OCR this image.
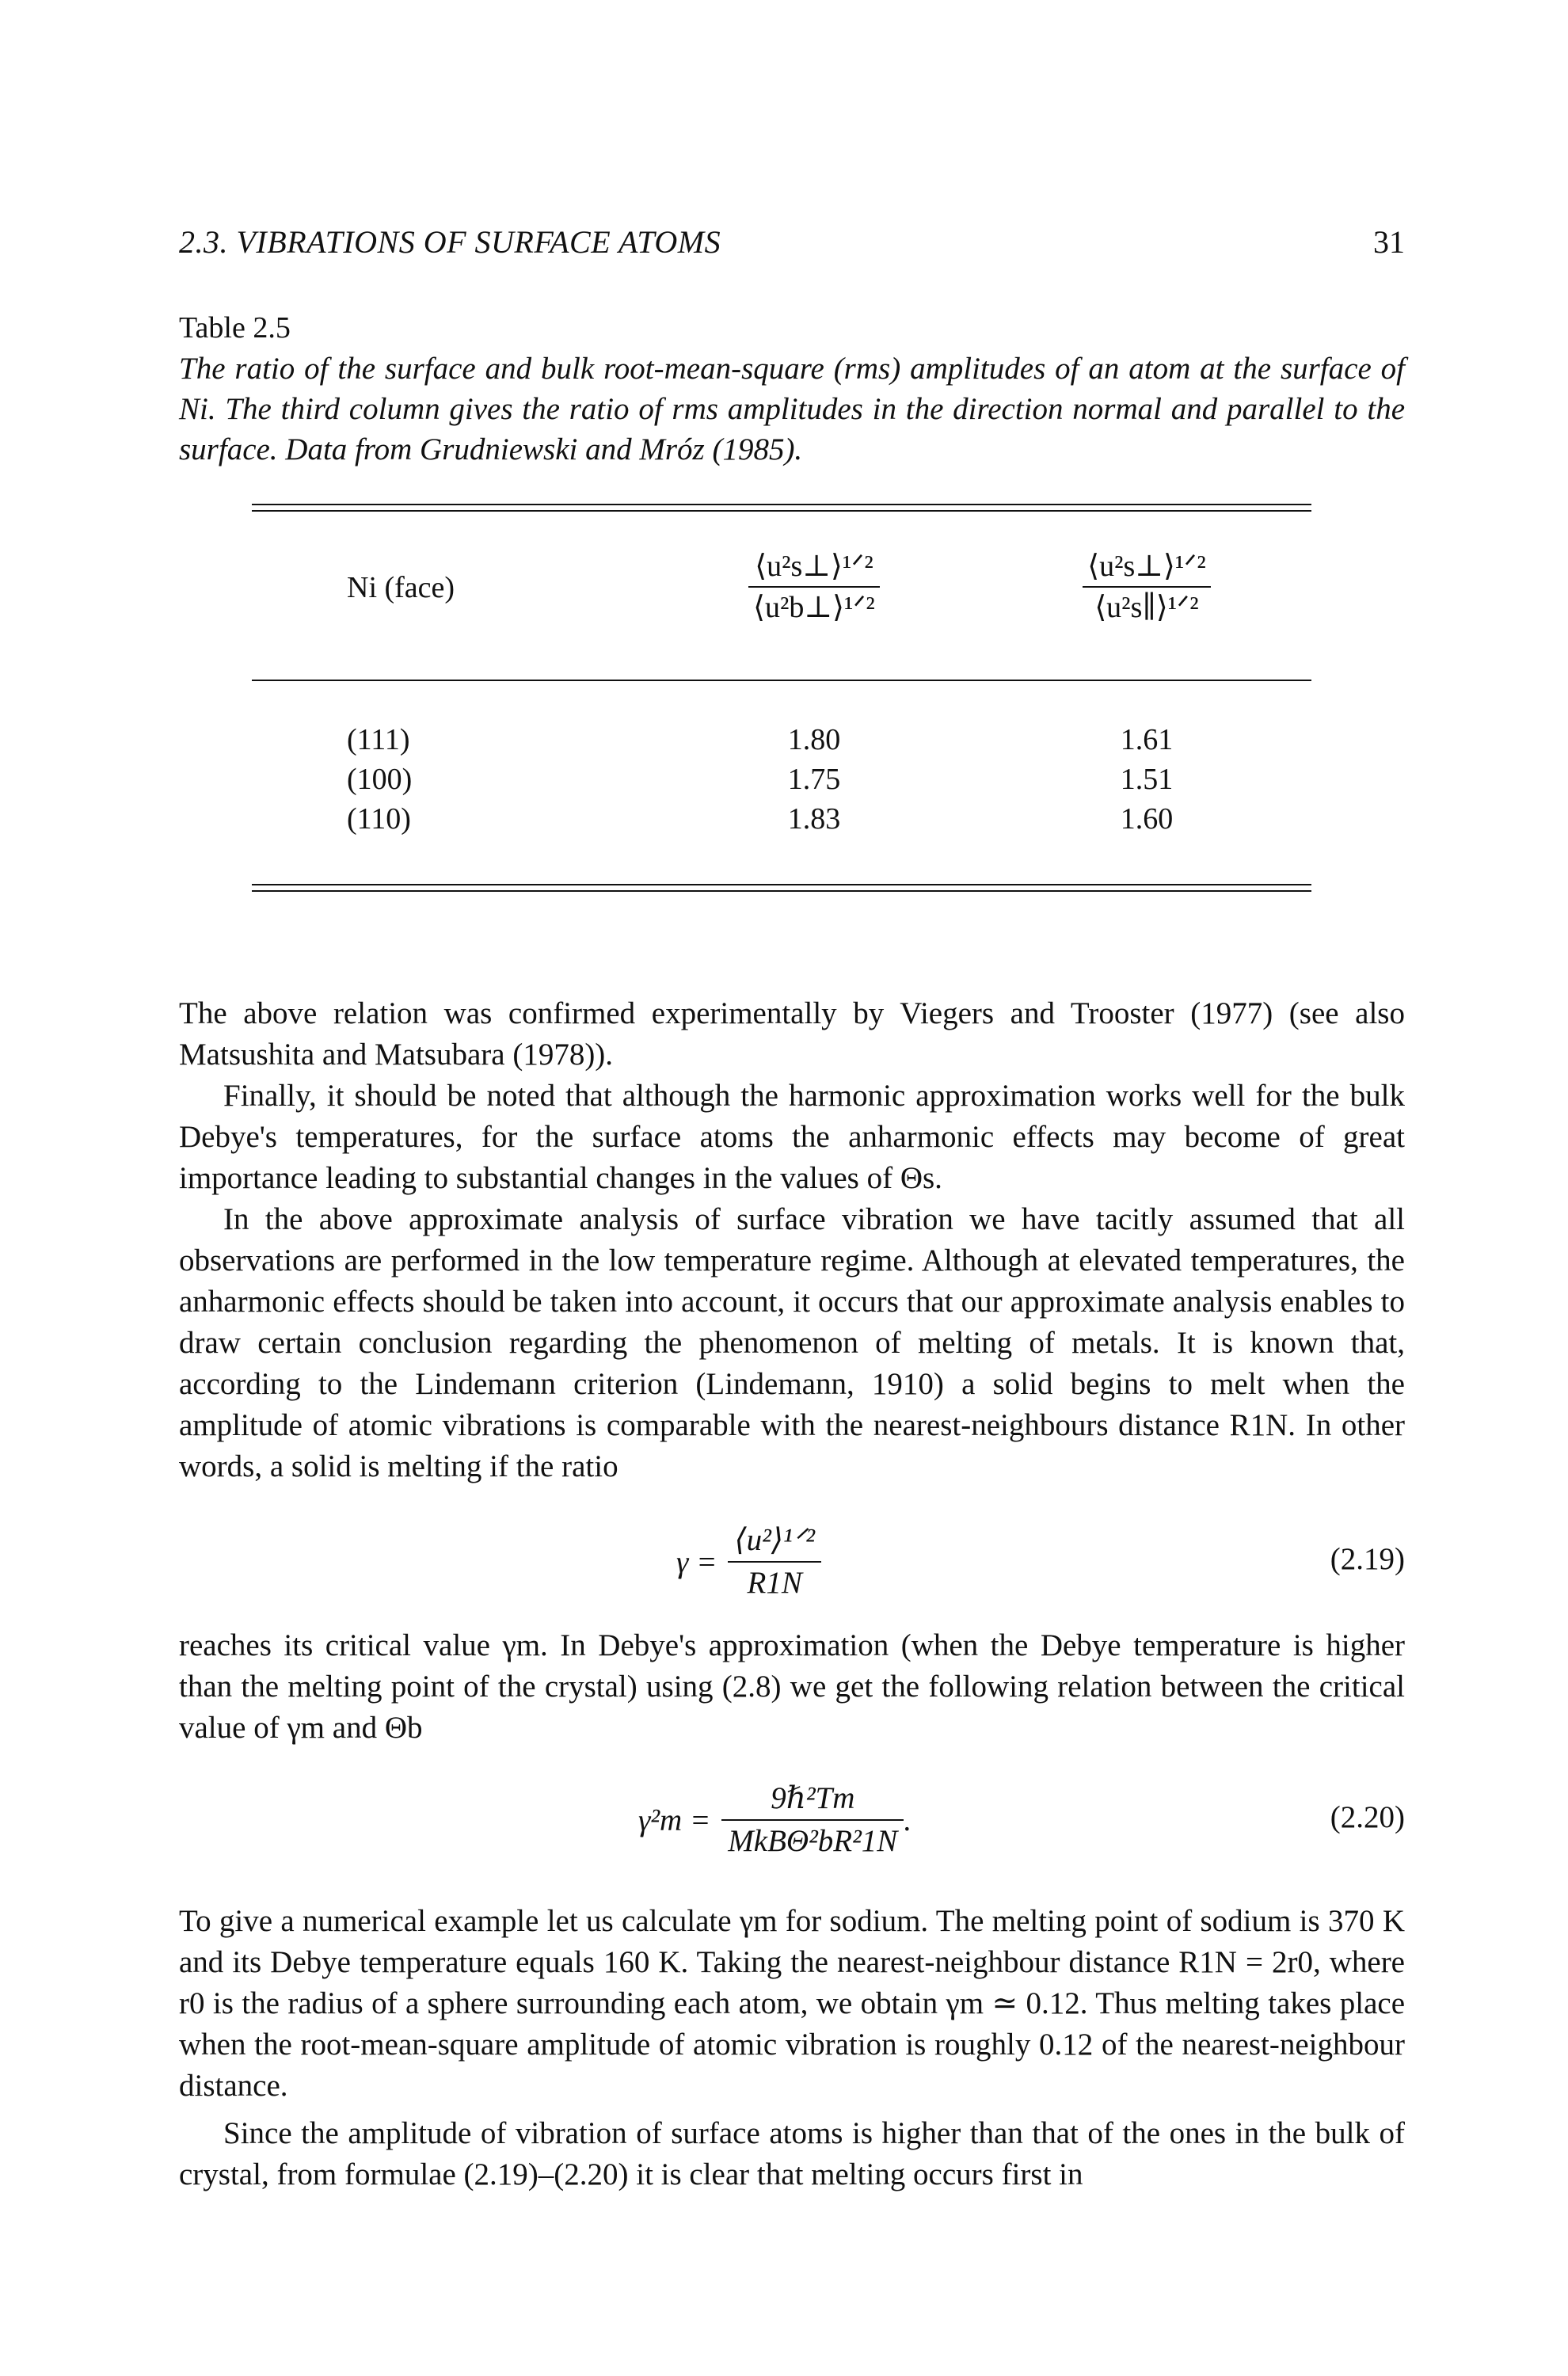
2.3. VIBRATIONS OF SURFACE ATOMS	31
Table 2.5
The ratio of the surface and bulk root-mean-square (rms) amplitudes of an atom at the surface of Ni. The third column gives the ratio of rms amplitudes in the direction normal and parallel to the surface. Data from Grudniewski and Mróz (1985).
Ni (face)	$\frac{\text{⟨u²s⊥⟩¹ᐟ²}}{\text{⟨u²b⊥⟩¹ᐟ²}}$	$\frac{\text{⟨u²s⊥⟩¹ᐟ²}}{\text{⟨u²s∥⟩¹ᐟ²}}$
(111)	1.80	1.61
(100)	1.75	1.51
(110)	1.83	1.60

The above relation was confirmed experimentally by Viegers and Trooster (1977) (see also Matsushita and Matsubara (1978)).

Finally, it should be noted that although the harmonic approximation works well for the bulk Debye's temperatures, for the surface atoms the anharmonic effects may become of great importance leading to substantial changes in the values of Θs.

In the above approximate analysis of surface vibration we have tacitly assumed that all observations are performed in the low temperature regime. Although at elevated temperatures, the anharmonic effects should be taken into account, it occurs that our approximate analysis enables to draw certain conclusion regarding the phenomenon of melting of metals. It is known that, according to the Lindemann criterion (Lindemann, 1910) a solid begins to melt when the amplitude of atomic vibrations is comparable with the nearest-neighbours distance R1N. In other words, a solid is melting if the ratio

$\gamma = \frac{\text{⟨u²⟩¹ᐟ²}}{R1N}$	(2.19)

reaches its critical value γm. In Debye's approximation (when the Debye temperature is higher than the melting point of the crystal) using (2.8) we get the following relation between the critical value of γm and Θb

$\gamma^2m = \frac{\text{9ℏ²Tm}}{\text{MkBΘ²bR²1N}}$ .	(2.20)

To give a numerical example let us calculate γm for sodium. The melting point of sodium is 370 K and its Debye temperature equals 160 K. Taking the nearest-neighbour distance R1N = 2r0, where r0 is the radius of a sphere surrounding each atom, we obtain γm ≃ 0.12. Thus melting takes place when the root-mean-square amplitude of atomic vibration is roughly 0.12 of the nearest-neighbour distance.

Since the amplitude of vibration of surface atoms is higher than that of the ones in the bulk of crystal, from formulae (2.19)–(2.20) it is clear that melting occurs first in
